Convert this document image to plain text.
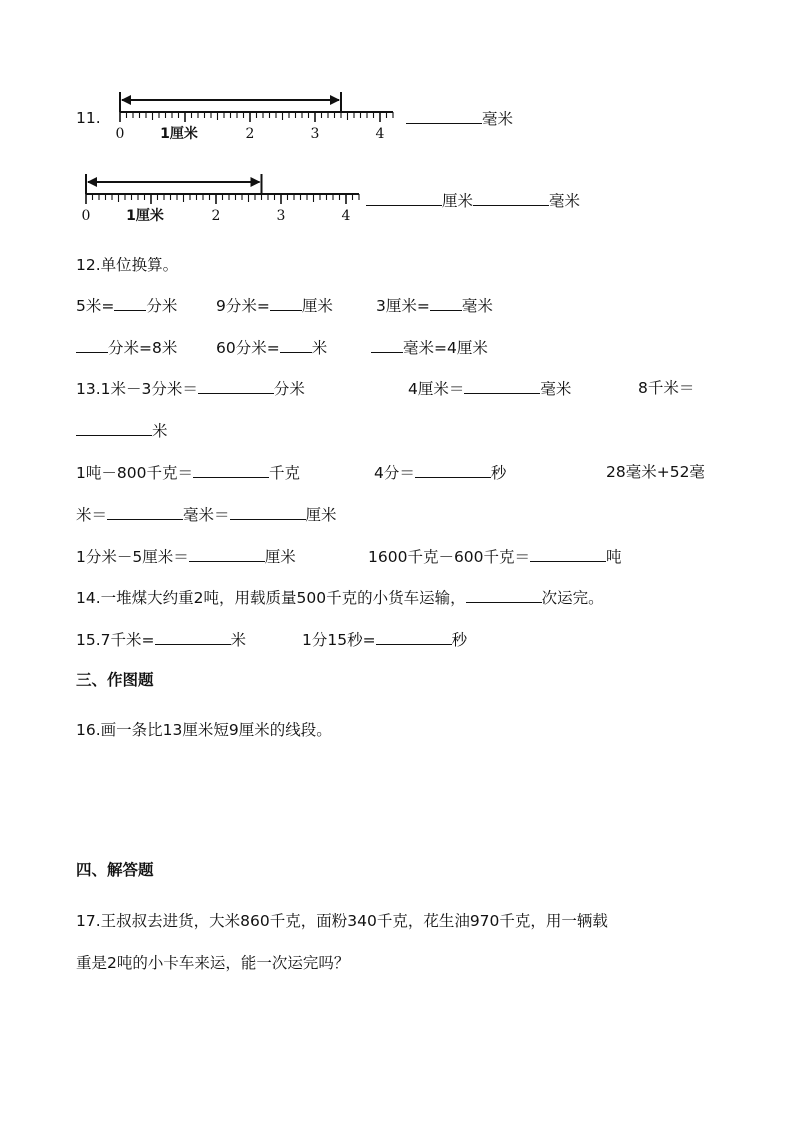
11.
0	1厘米	2	3	4
毫米
0	1厘米	2	3	4
厘米	毫米
12.单位换算。
5米= 分米 9分米= 厘米	3厘米= 毫米
分米=8米 60分米= 米	毫米=4厘米
13.1米－3分米＝	分米	4厘米＝	毫米	8千米＝
米
1吨－800千克＝	千克	4分＝	秒	28毫米+52毫
米＝	毫米＝	厘米
1分米－5厘米＝	厘米	1600千克－600千克＝	吨
14.一堆煤大约重2吨，用载质量500千克的小货车运输，	次运完。
15.7千米=	米	1分15秒=	秒
三、作图题
16.画一条比13厘米短9厘米的线段。
四、解答题
17.王叔叔去进货，大米860千克，面粉340千克，花生油970千克，用一辆载
重是2吨的小卡车来运，能一次运完吗？
